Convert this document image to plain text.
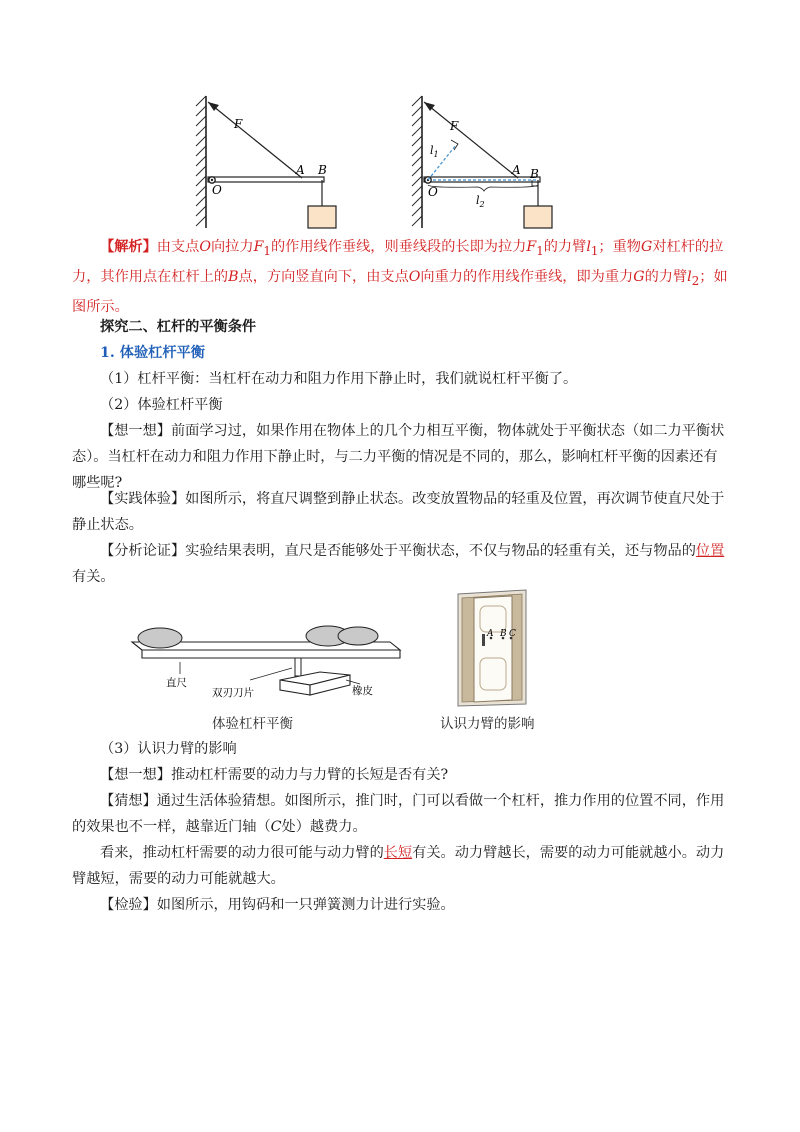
F
A B
O
F
A B
O
$l_1$
$l_2$
【解析】由支点O向拉力$F_1$的作用线作垂线，则垂线段的长即为拉力$F_1$的力臂$l_1$；重物G对杠杆的拉力，其作用点在杠杆上的B点，方向竖直向下，由支点O向重力的作用线作垂线，即为重力G的力臂$l_2$；如图所示。
探究二、杠杆的平衡条件
1. 体验杠杆平衡
（1）杠杆平衡：当杠杆在动力和阻力作用下静止时，我们就说杠杆平衡了。
（2）体验杠杆平衡
【想一想】前面学习过，如果作用在物体上的几个力相互平衡，物体就处于平衡状态（如二力平衡状态）。当杠杆在动力和阻力作用下静止时，与二力平衡的情况是不同的，那么，影响杠杆平衡的因素还有哪些呢?
【实践体验】如图所示，将直尺调整到静止状态。改变放置物品的轻重及位置，再次调节使直尺处于静止状态。
【分析论证】实验结果表明，直尺是否能够处于平衡状态，不仅与物品的轻重有关，还与物品的位置有关。
直尺
双刃刀片	橡皮
体验杠杆平衡
A B C
认识力臂的影响
（3）认识力臂的影响
【想一想】推动杠杆需要的动力与力臂的长短是否有关?
【猜想】通过生活体验猜想。如图所示，推门时，门可以看做一个杠杆，推力作用的位置不同，作用的效果也不一样，越靠近门轴（C处）越费力。
看来，推动杠杆需要的动力很可能与动力臂的长短有关。动力臂越长，需要的动力可能就越小。动力臂越短，需要的动力可能就越大。
【检验】如图所示，用钩码和一只弹簧测力计进行实验。
